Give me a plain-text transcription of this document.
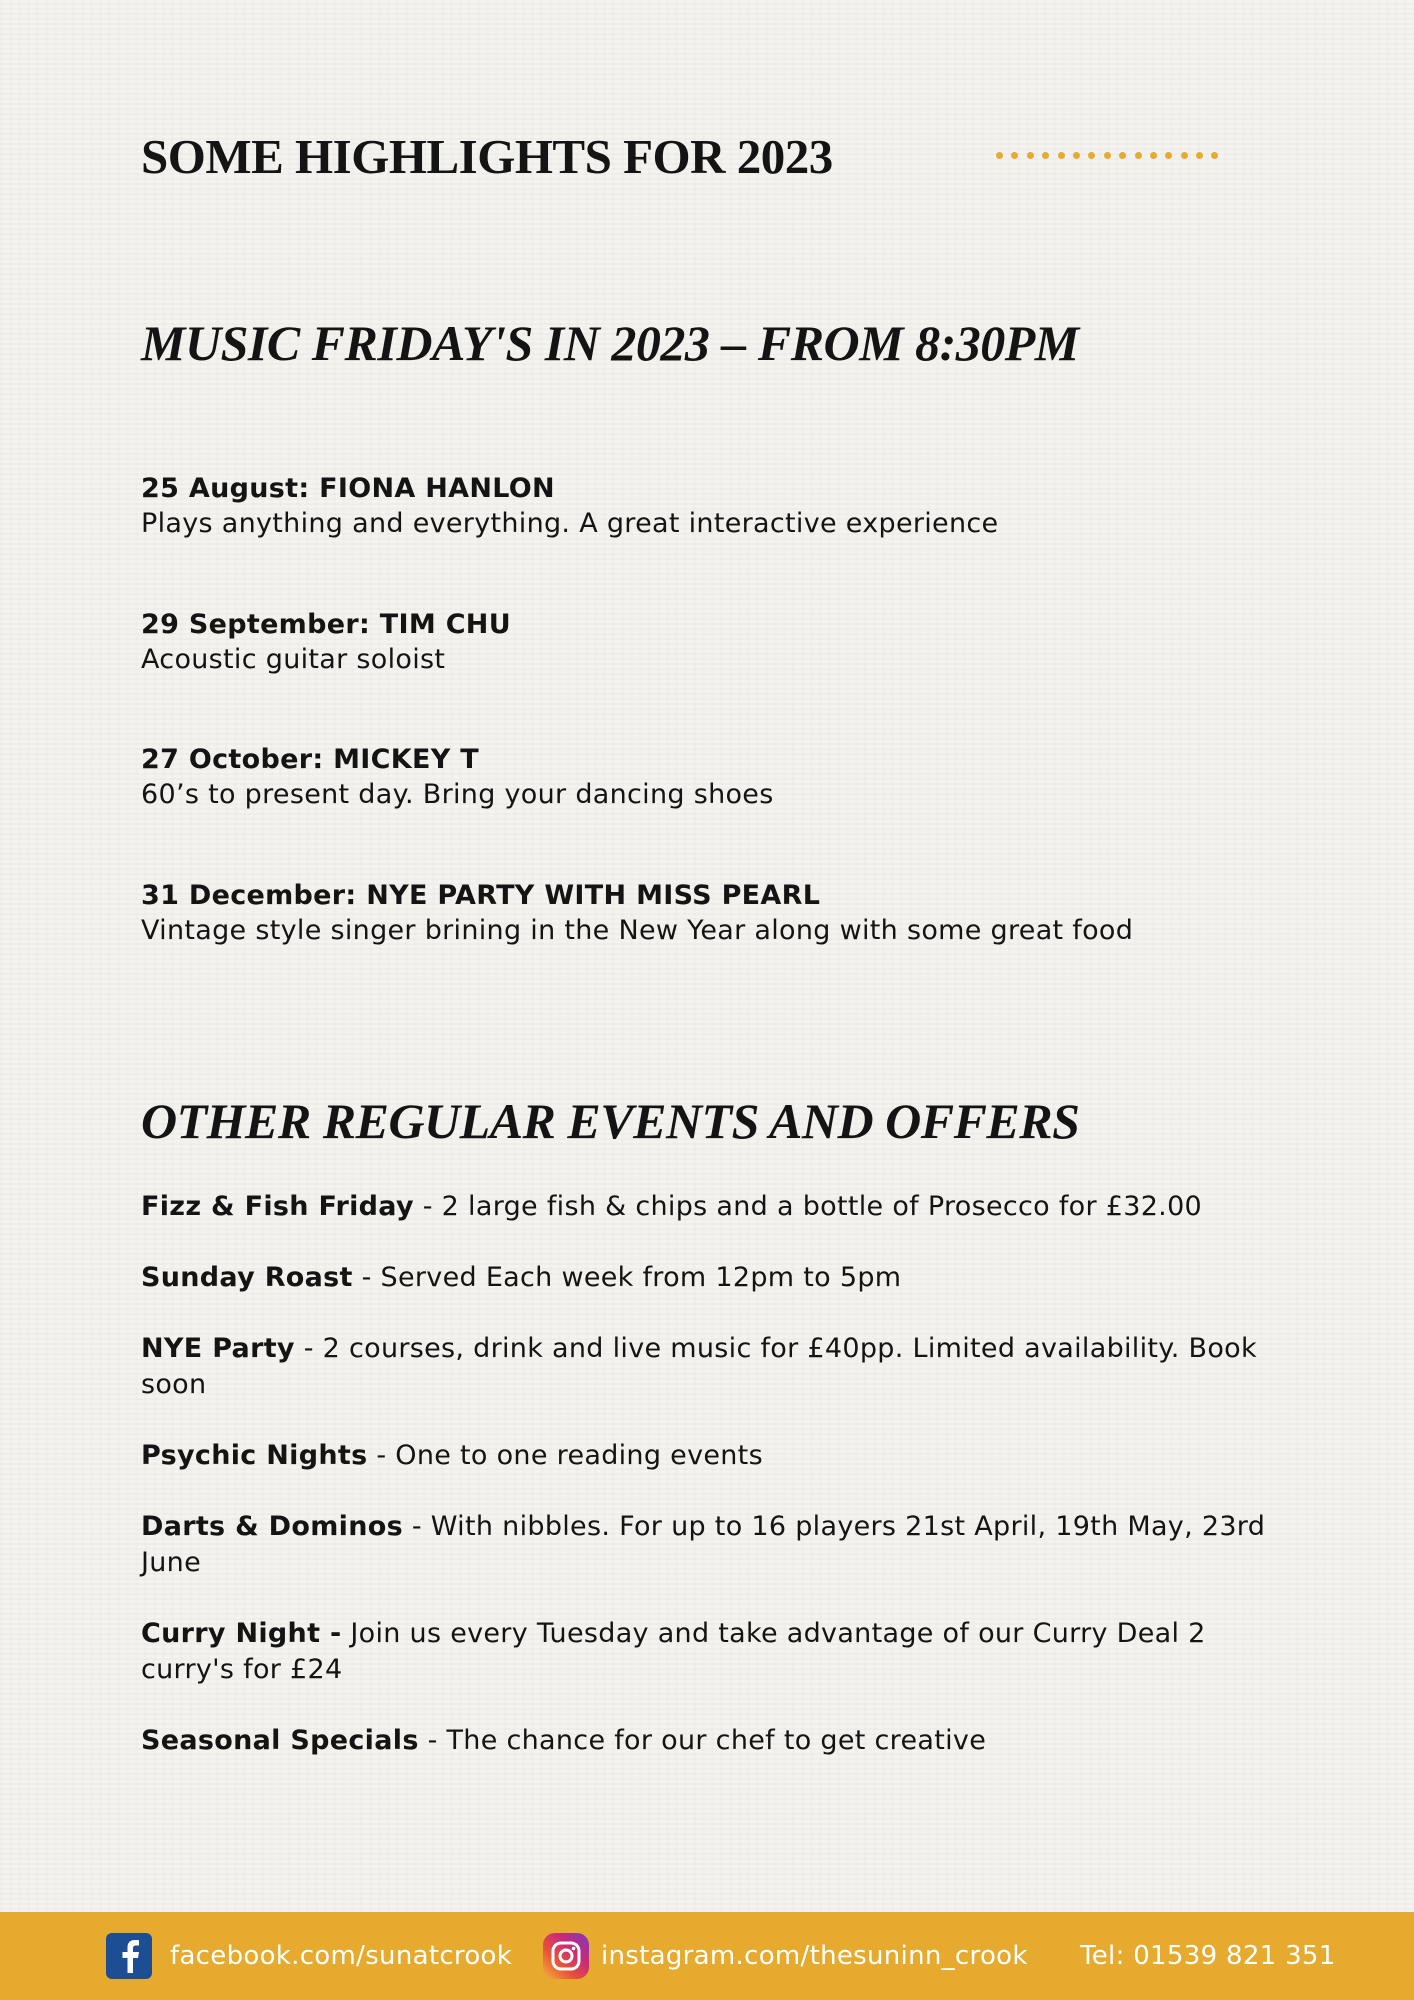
SOME HIGHLIGHTS FOR 2023
MUSIC FRIDAY'S IN 2023 – FROM 8:30PM
25 August: FIONA HANLON
Plays anything and everything. A great interactive experience
29 September: TIM CHU
Acoustic guitar soloist
27 October: MICKEY T
60’s to present day. Bring your dancing shoes
31 December: NYE PARTY WITH MISS PEARL
Vintage style singer brining in the New Year along with some great food
OTHER REGULAR EVENTS AND OFFERS

Fizz & Fish Friday - 2 large fish & chips and a bottle of Prosecco for £32.00

Sunday Roast - Served Each week from 12pm to 5pm

NYE Party - 2 courses, drink and live music for £40pp. Limited availability. Book soon

Psychic Nights - One to one reading events

Darts & Dominos - With nibbles. For up to 16 players 21st April, 19th May, 23rd June

Curry Night - Join us every Tuesday and take advantage of our Curry Deal 2 curry's for £24

Seasonal Specials - The chance for our chef to get creative

facebook.com/sunatcrook	instagram.com/thesuninn_crook Tel: 01539 821 351
